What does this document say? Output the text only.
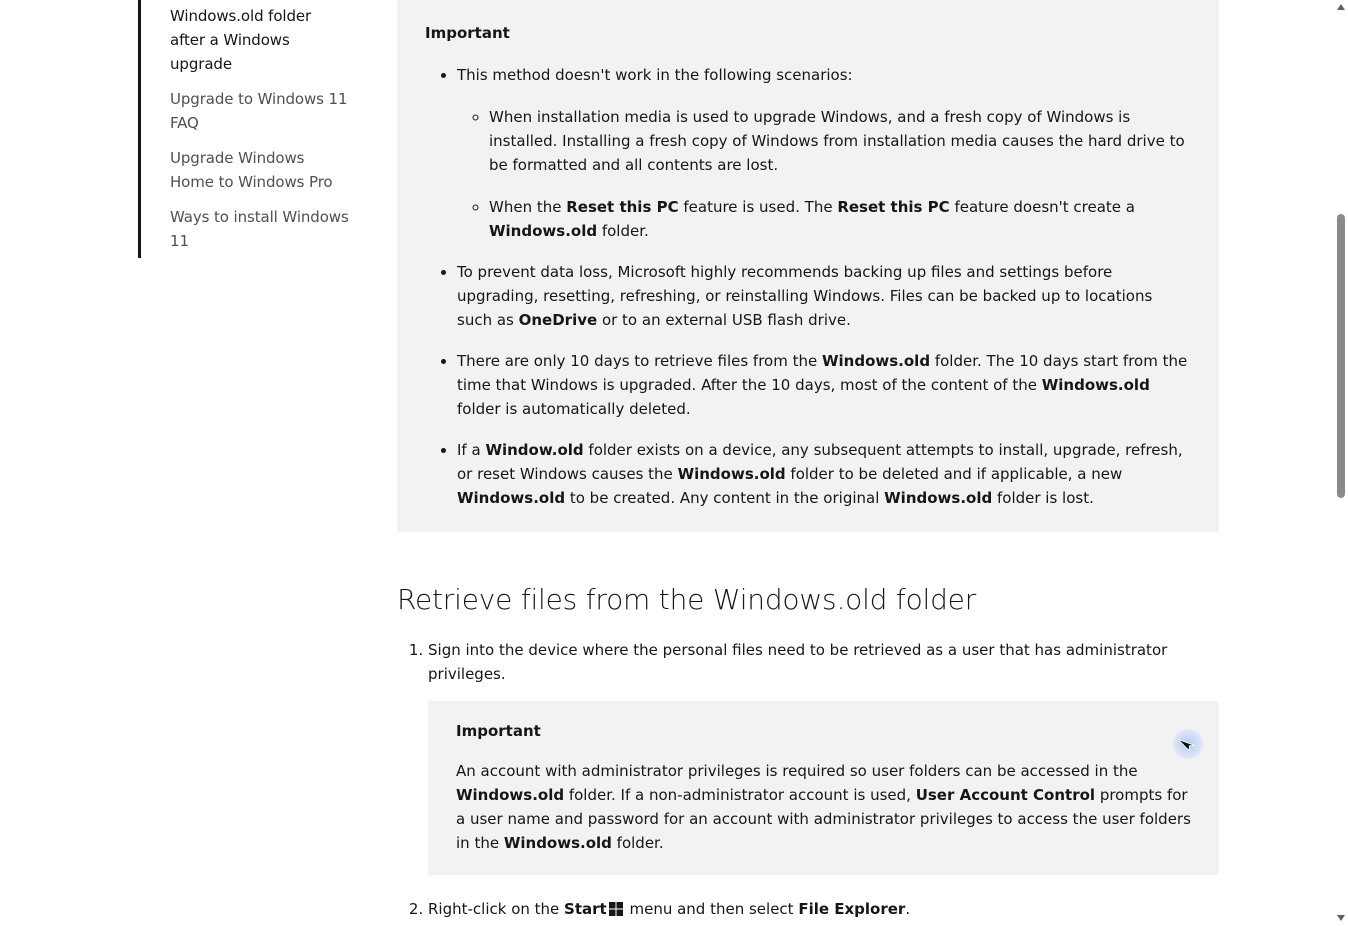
Windows.old folder after a Windows upgrade
Upgrade to Windows 11 FAQ
Upgrade Windows Home to Windows Pro
Ways to install Windows 11
Important
• This method doesn't work in the following scenarios:
◦ When installation media is used to upgrade Windows, and a fresh copy of Windows is installed. Installing a fresh copy of Windows from installation media causes the hard drive to be formatted and all contents are lost.
◦ When the Reset this PC feature is used. The Reset this PC feature doesn't create a Windows.old folder.
• To prevent data loss, Microsoft highly recommends backing up files and settings before upgrading, resetting, refreshing, or reinstalling Windows. Files can be backed up to locations such as OneDrive or to an external USB flash drive.
• There are only 10 days to retrieve files from the Windows.old folder. The 10 days start from the time that Windows is upgraded. After the 10 days, most of the content of the Windows.old folder is automatically deleted.
• If a Window.old folder exists on a device, any subsequent attempts to install, upgrade, refresh, or reset Windows causes the Windows.old folder to be deleted and if applicable, a new Windows.old to be created. Any content in the original Windows.old folder is lost.
Retrieve files from the Windows.old folder
1. Sign into the device where the personal files need to be retrieved as a user that has administrator privileges.
Important

An account with administrator privileges is required so user folders can be accessed in the Windows.old folder. If a non-administrator account is used, User Account Control prompts for a user name and password for an account with administrator privileges to access the user folders in the Windows.old folder.

2. Right-click on the Start menu and then select File Explorer.
